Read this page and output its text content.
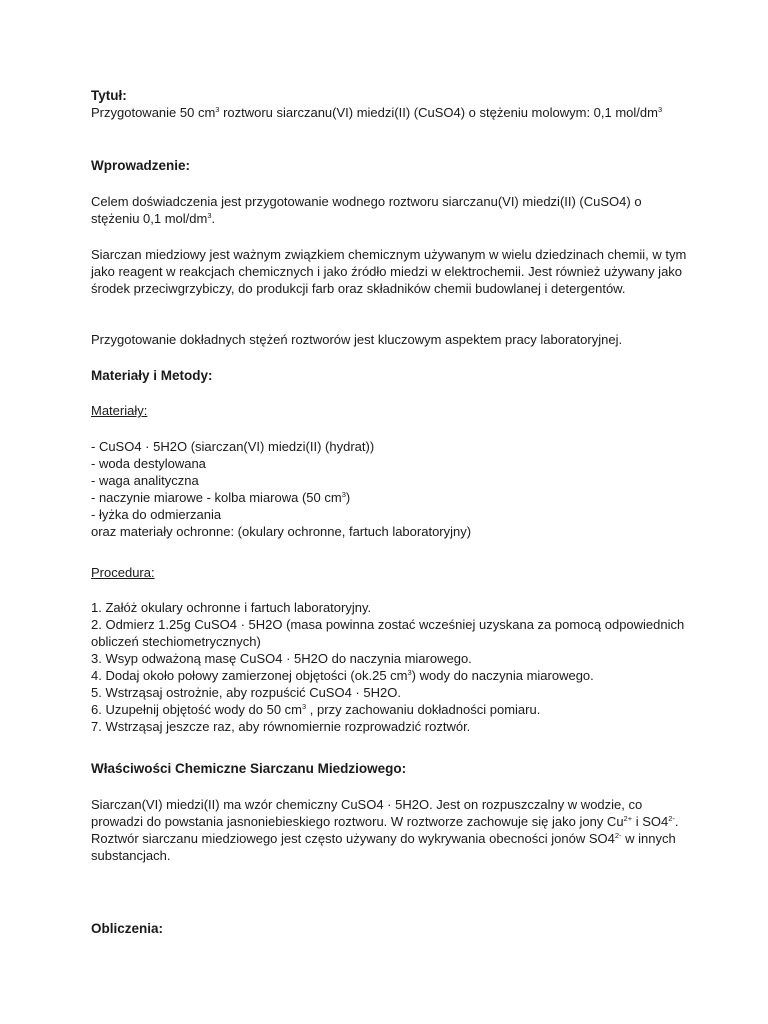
Tytuł:

Przygotowanie 50 $cm^3$ roztworu siarczanu(VI) miedzi(II) (CuSO4) o stężeniu molowym: 0,1 mol/$dm^3$

Wprowadzenie:

Celem doświadczenia jest przygotowanie wodnego roztworu siarczanu(VI) miedzi(II) (CuSO4) o stężeniu 0,1 mol/$dm^3$.

Siarczan miedziowy jest ważnym związkiem chemicznym używanym w wielu dziedzinach chemii, w tym jako reagent w reakcjach chemicznych i jako źródło miedzi w elektrochemii. Jest również używany jako środek przeciwgrzybiczy, do produkcji farb oraz składników chemii budowlanej i detergentów.

Przygotowanie dokładnych stężeń roztworów jest kluczowym aspektem pracy laboratoryjnej.

Materiały i Metody:

Materiały:

- CuSO4 · 5H2O (siarczan(VI) miedzi(II) (hydrat))

- woda destylowana

- waga analityczna

- naczynie miarowe - kolba miarowa (50 $cm^3$)

- łyżka do odmierzania

oraz materiały ochronne: (okulary ochronne, fartuch laboratoryjny)

Procedura:

1. Załóż okulary ochronne i fartuch laboratoryjny.

2. Odmierz 1.25g CuSO4 · 5H2O (masa powinna zostać wcześniej uzyskana za pomocą odpowiednich obliczeń stechiometrycznych)

3. Wsyp odważoną masę CuSO4 · 5H2O do naczynia miarowego.

4. Dodaj około połowy zamierzonej objętości (ok.25 $cm^3$) wody do naczynia miarowego.

5. Wstrząsaj ostrożnie, aby rozpuścić CuSO4 · 5H2O.

6. Uzupełnij objętość wody do 50 $cm^3$ , przy zachowaniu dokładności pomiaru.

7. Wstrząsaj jeszcze raz, aby równomiernie rozprowadzić roztwór.

Właściwości Chemiczne Siarczanu Miedziowego:

Siarczan(VI) miedzi(II) ma wzór chemiczny CuSO4 · 5H2O. Jest on rozpuszczalny w wodzie, co prowadzi do powstania jasnoniebieskiego roztworu. W roztworze zachowuje się jako jony $Cu^{2+}$ i $SO4^{2-}$. Roztwór siarczanu miedziowego jest często używany do wykrywania obecności jonów $SO4^{2-}$ w innych substancjach.

Obliczenia:
